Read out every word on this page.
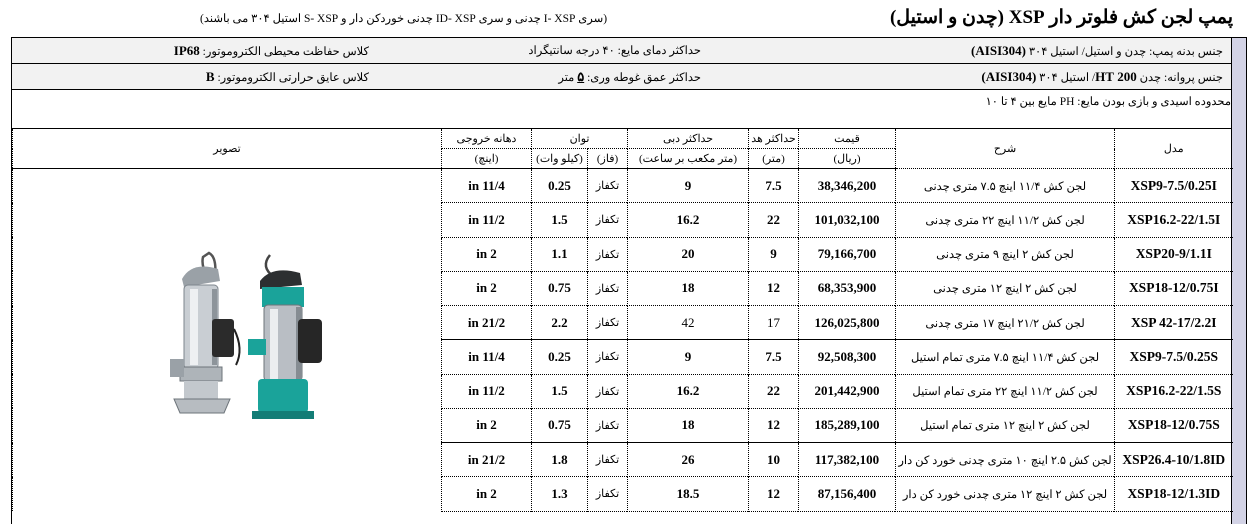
پمپ لجن کش فلوتر دار XSP (چدن و استیل)
(سری I- XSP چدنی و سری ID- XSP چدنی خوردکن دار و S- XSP استیل ۳۰۴ می باشند)
جنس بدنه پمپ: چدن و استیل/ استیل ۳۰۴ (AISI304)
حداکثر دمای مایع: ۴۰ درجه سانتیگراد
کلاس حفاظت محیطی الکتروموتور: IP68
جنس پروانه: چدن 200 HT/ استیل ۳۰۴ (AISI304)
حداکثر عمق غوطه وری: ۵ متر
کلاس عایق حرارتی الکتروموتور: B
محدوده اسیدی و بازی بودن مایع: PH مایع بین ۴ تا ۱۰
مدل	شرح	قیمت	حداکثر هد	حداکثر دبی	توان		دهانه خروجی	تصویر
		(ریال)	(متر)	(متر مکعب بر ساعت)	(فاز)	(کیلو وات)	(اینچ)	
XSP9-7.5/0.25I	لجن کش ۱۱/۴ اینچ ۷.۵ متری چدنی	38,346,200	7.5	9	تکفاز	0.25	11/4 in	
XSP16.2-22/1.5I	لجن کش ۱۱/۲ اینچ ۲۲ متری چدنی	101,032,100	22	16.2	تکفاز	1.5	11/2 in	
XSP20-9/1.1I	لجن کش ۲ اینچ ۹ متری چدنی	79,166,700	9	20	تکفاز	1.1	2 in	
XSP18-12/0.75I	لجن کش ۲ اینچ ۱۲ متری چدنی	68,353,900	12	18	تکفاز	0.75	2 in	
XSP 42-17/2.2I	لجن کش ۲۱/۲ اینچ ۱۷ متری چدنی	126,025,800	17	42	تکفاز	2.2	21/2 in	
XSP9-7.5/0.25S	لجن کش ۱۱/۴ اینچ ۷.۵ متری تمام استیل	92,508,300	7.5	9	تکفاز	0.25	11/4 in	
XSP16.2-22/1.5S	لجن کش ۱۱/۲ اینچ ۲۲ متری تمام استیل	201,442,900	22	16.2	تکفاز	1.5	11/2 in	
XSP18-12/0.75S	لجن کش ۲ اینچ ۱۲ متری تمام استیل	185,289,100	12	18	تکفاز	0.75	2 in	
XSP26.4-10/1.8ID	لجن کش ۲.۵ اینچ ۱۰ متری چدنی خورد کن دار	117,382,100	10	26	تکفاز	1.8	21/2 in	
XSP18-12/1.3ID	لجن کش ۲ اینچ ۱۲ متری چدنی خورد کن دار	87,156,400	12	18.5	تکفاز	1.3	2 in	
